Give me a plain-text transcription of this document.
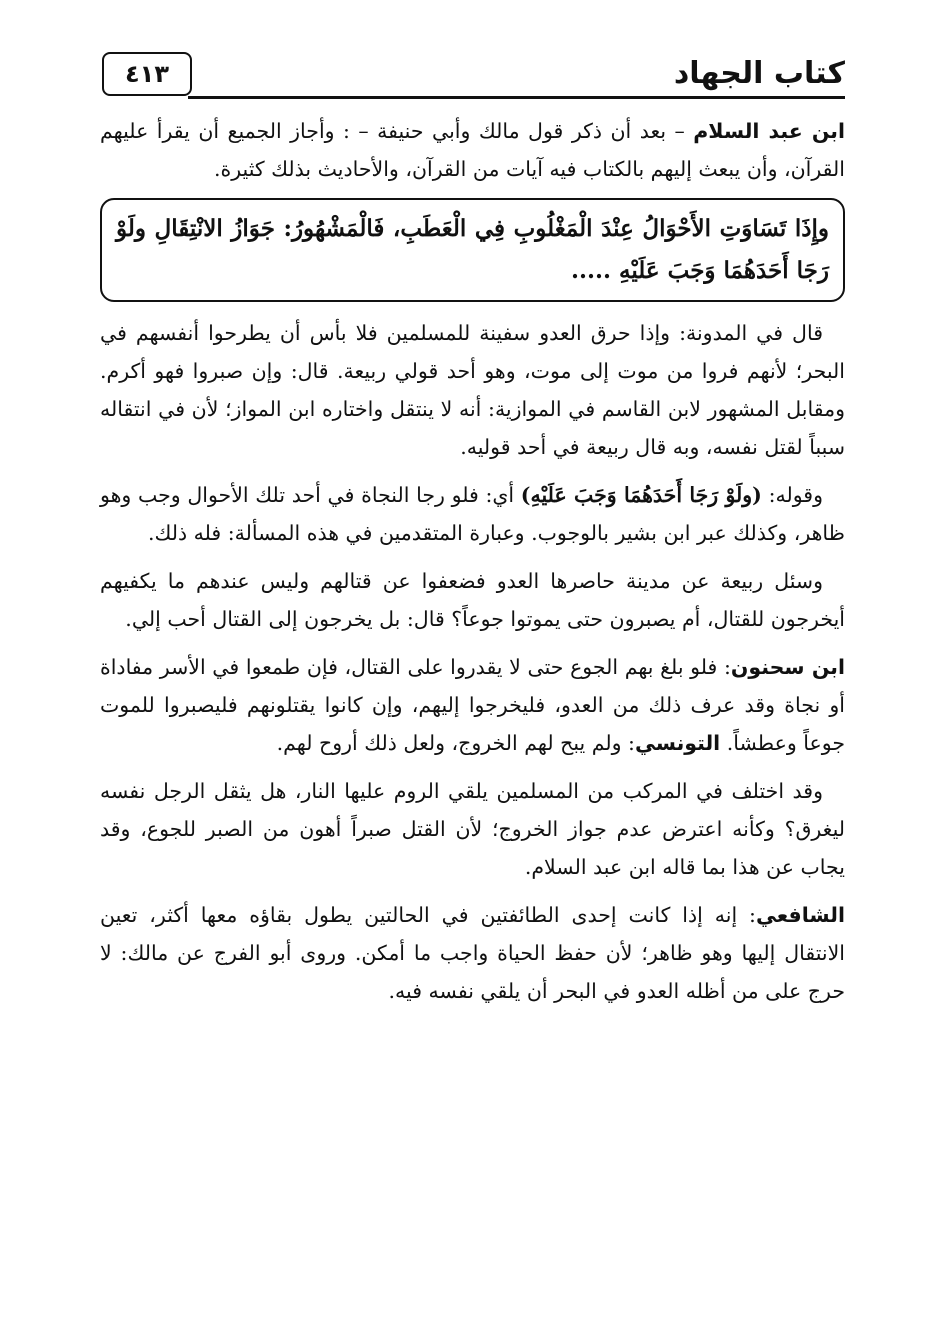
كتاب الجهاد
٤١٣

ابن عبد السلام – بعد أن ذكر قول مالك وأبي حنيفة – : وأجاز الجميع أن يقرأ عليهم القرآن، وأن يبعث إليهم بالكتاب فيه آيات من القرآن، والأحاديث بذلك كثيرة.

وإِذَا تَسَاوَتِ الأَحْوَالُ عِنْدَ الْمَغْلُوبِ فِي الْعَطَبِ، فَالْمَشْهُورُ: جَوَازُ الانْتِقَالِ ولَوْ رَجَا أَحَدَهُمَا وَجَبَ عَلَيْهِ .....

قال في المدونة: وإذا حرق العدو سفينة للمسلمين فلا بأس أن يطرحوا أنفسهم في البحر؛ لأنهم فروا من موت إلى موت، وهو أحد قولي ربيعة. قال: وإن صبروا فهو أكرم. ومقابل المشهور لابن القاسم في الموازية: أنه لا ينتقل واختاره ابن المواز؛ لأن في انتقاله سبباً لقتل نفسه، وبه قال ربيعة في أحد قوليه.

وقوله: (ولَوْ رَجَا أَحَدَهُمَا وَجَبَ عَلَيْهِ) أي: فلو رجا النجاة في أحد تلك الأحوال وجب وهو ظاهر، وكذلك عبر ابن بشير بالوجوب. وعبارة المتقدمين في هذه المسألة: فله ذلك.

وسئل ربيعة عن مدينة حاصرها العدو فضعفوا عن قتالهم وليس عندهم ما يكفيهم أيخرجون للقتال، أم يصبرون حتى يموتوا جوعاً؟ قال: بل يخرجون إلى القتال أحب إلي.

ابن سحنون: فلو بلغ بهم الجوع حتى لا يقدروا على القتال، فإن طمعوا في الأسر مفاداة أو نجاة وقد عرف ذلك من العدو، فليخرجوا إليهم، وإن كانوا يقتلونهم فليصبروا للموت جوعاً وعطشاً. التونسي: ولم يبح لهم الخروج، ولعل ذلك أروح لهم.

وقد اختلف في المركب من المسلمين يلقي الروم عليها النار، هل يثقل الرجل نفسه ليغرق؟ وكأنه اعترض عدم جواز الخروج؛ لأن القتل صبراً أهون من الصبر للجوع، وقد يجاب عن هذا بما قاله ابن عبد السلام.

الشافعي: إنه إذا كانت إحدى الطائفتين في الحالتين يطول بقاؤه معها أكثر، تعين الانتقال إليها وهو ظاهر؛ لأن حفظ الحياة واجب ما أمكن. وروى أبو الفرج عن مالك: لا حرج على من أظله العدو في البحر أن يلقي نفسه فيه.
